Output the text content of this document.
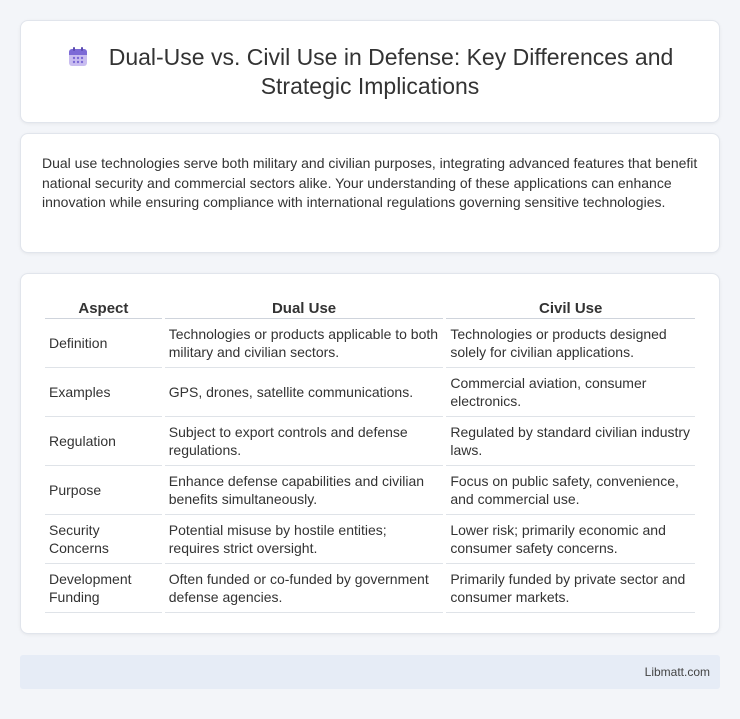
Dual-Use vs. Civil Use in Defense: Key Differences and
Strategic Implications

Dual use technologies serve both military and civilian purposes, integrating advanced features that benefit national security and commercial sectors alike. Your understanding of these applications can enhance innovation while ensuring compliance with international regulations governing sensitive technologies.

Aspect	Dual Use	Civil Use
Definition	Technologies or products applicable to both military and civilian sectors.	Technologies or products designed solely for civilian applications.
Examples	GPS, drones, satellite communications.	Commercial aviation, consumer electronics.
Regulation	Subject to export controls and defense regulations.	Regulated by standard civilian industry laws.
Purpose	Enhance defense capabilities and civilian benefits simultaneously.	Focus on public safety, convenience, and commercial use.
Security Concerns	Potential misuse by hostile entities; requires strict oversight.	Lower risk; primarily economic and consumer safety concerns.
Development Funding	Often funded or co-funded by government defense agencies.	Primarily funded by private sector and consumer markets.
Libmatt.com
